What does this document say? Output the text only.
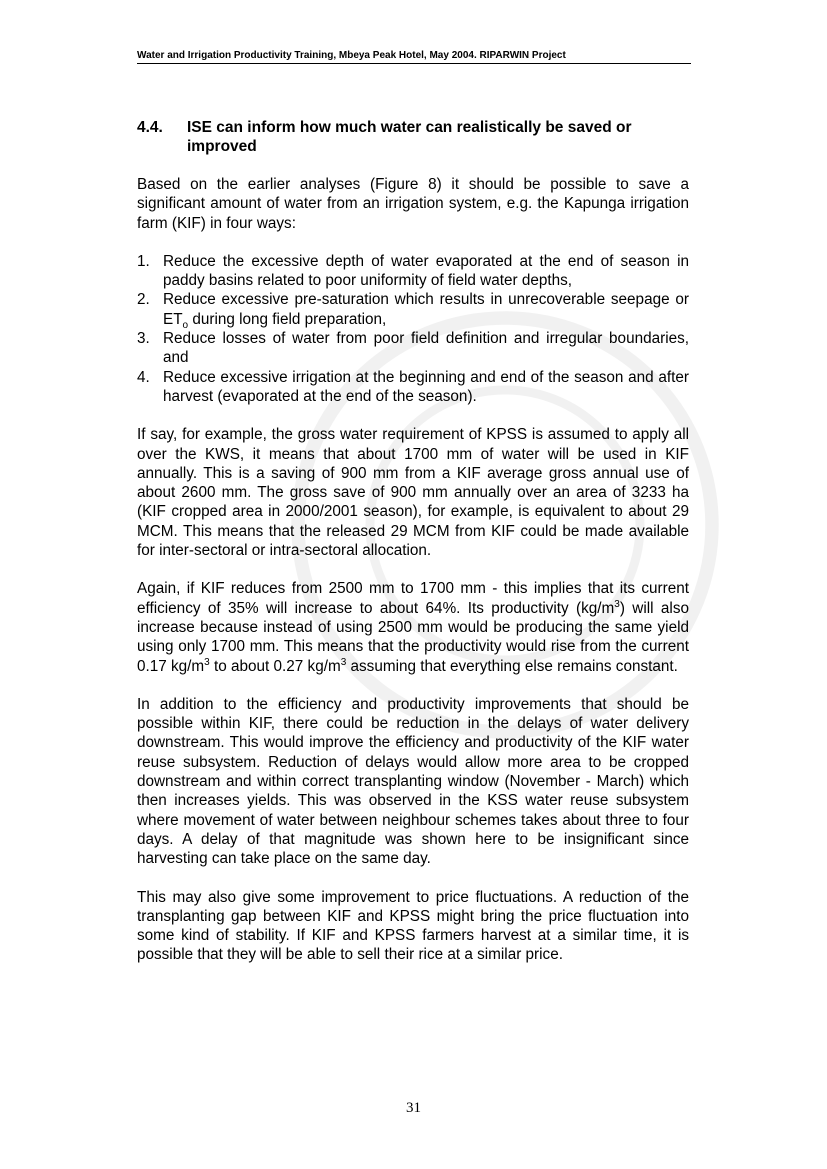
Water and Irrigation Productivity Training, Mbeya Peak Hotel, May 2004. RIPARWIN Project
4.4.	ISE can inform how much water can realistically be saved or improved

Based on the earlier analyses (Figure 8) it should be possible to save a significant amount of water from an irrigation system, e.g. the Kapunga irrigation farm (KIF) in four ways:

1. Reduce the excessive depth of water evaporated at the end of season in paddy basins related to poor uniformity of field water depths,
2. Reduce excessive pre-saturation which results in unrecoverable seepage or $ET_o$ during long field preparation,
3. Reduce losses of water from poor field definition and irregular boundaries, and
4. Reduce excessive irrigation at the beginning and end of the season and after harvest (evaporated at the end of the season).

If say, for example, the gross water requirement of KPSS is assumed to apply all over the KWS, it means that about 1700 mm of water will be used in KIF annually. This is a saving of 900 mm from a KIF average gross annual use of about 2600 mm. The gross save of 900 mm annually over an area of 3233 ha (KIF cropped area in 2000/2001 season), for example, is equivalent to about 29 MCM. This means that the released 29 MCM from KIF could be made available for inter-sectoral or intra-sectoral allocation.

Again, if KIF reduces from 2500 mm to 1700 mm - this implies that its current efficiency of 35% will increase to about 64%. Its productivity $(kg/m^3)$ will also increase because instead of using 2500 mm would be producing the same yield using only 1700 mm. This means that the productivity would rise from the current 0.17 $kg/m^3$ to about 0.27 $kg/m^3$ assuming that everything else remains constant.

In addition to the efficiency and productivity improvements that should be possible within KIF, there could be reduction in the delays of water delivery downstream. This would improve the efficiency and productivity of the KIF water reuse subsystem. Reduction of delays would allow more area to be cropped downstream and within correct transplanting window (November - March) which then increases yields. This was observed in the KSS water reuse subsystem where movement of water between neighbour schemes takes about three to four days. A delay of that magnitude was shown here to be insignificant since harvesting can take place on the same day.

This may also give some improvement to price fluctuations. A reduction of the transplanting gap between KIF and KPSS might bring the price fluctuation into some kind of stability. If KIF and KPSS farmers harvest at a similar time, it is possible that they will be able to sell their rice at a similar price.

31
